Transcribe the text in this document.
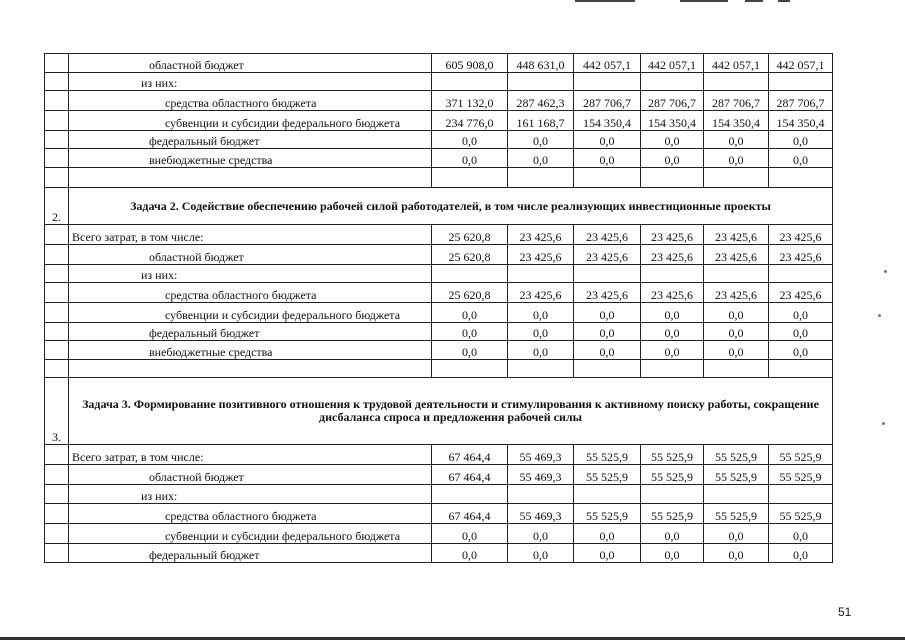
	областной бюджет	605 908,0	448 631,0	442 057,1	442 057,1	442 057,1	442 057,1
	из них:						
	средства областного бюджета	371 132,0	287 462,3	287 706,7	287 706,7	287 706,7	287 706,7
	субвенции и субсидии федерального бюджета	234 776,0	161 168,7	154 350,4	154 350,4	154 350,4	154 350,4
	федеральный бюджет	0,0	0,0	0,0	0,0	0,0	0,0
	внебюджетные средства	0,0	0,0	0,0	0,0	0,0	0,0

2.	Задача 2. Содействие обеспечению рабочей силой работодателей, в том числе реализующих инвестиционные проекты						
	Всего затрат, в том числе:	25 620,8	23 425,6	23 425,6	23 425,6	23 425,6	23 425,6
	областной бюджет	25 620,8	23 425,6	23 425,6	23 425,6	23 425,6	23 425,6
	из них:						
	средства областного бюджета	25 620,8	23 425,6	23 425,6	23 425,6	23 425,6	23 425,6
	субвенции и субсидии федерального бюджета	0,0	0,0	0,0	0,0	0,0	0,0
	федеральный бюджет	0,0	0,0	0,0	0,0	0,0	0,0
	внебюджетные средства	0,0	0,0	0,0	0,0	0,0	0,0

3.	Задача 3. Формирование позитивного отношения к трудовой деятельности и стимулирования к активному поиску работы, сокращение дисбаланса спроса и предложения рабочей силы						
	Всего затрат, в том числе:	67 464,4	55 469,3	55 525,9	55 525,9	55 525,9	55 525,9
	областной бюджет	67 464,4	55 469,3	55 525,9	55 525,9	55 525,9	55 525,9
	из них:						
	средства областного бюджета	67 464,4	55 469,3	55 525,9	55 525,9	55 525,9	55 525,9
	субвенции и субсидии федерального бюджета	0,0	0,0	0,0	0,0	0,0	0,0
	федеральный бюджет	0,0	0,0	0,0	0,0	0,0	0,0
51
